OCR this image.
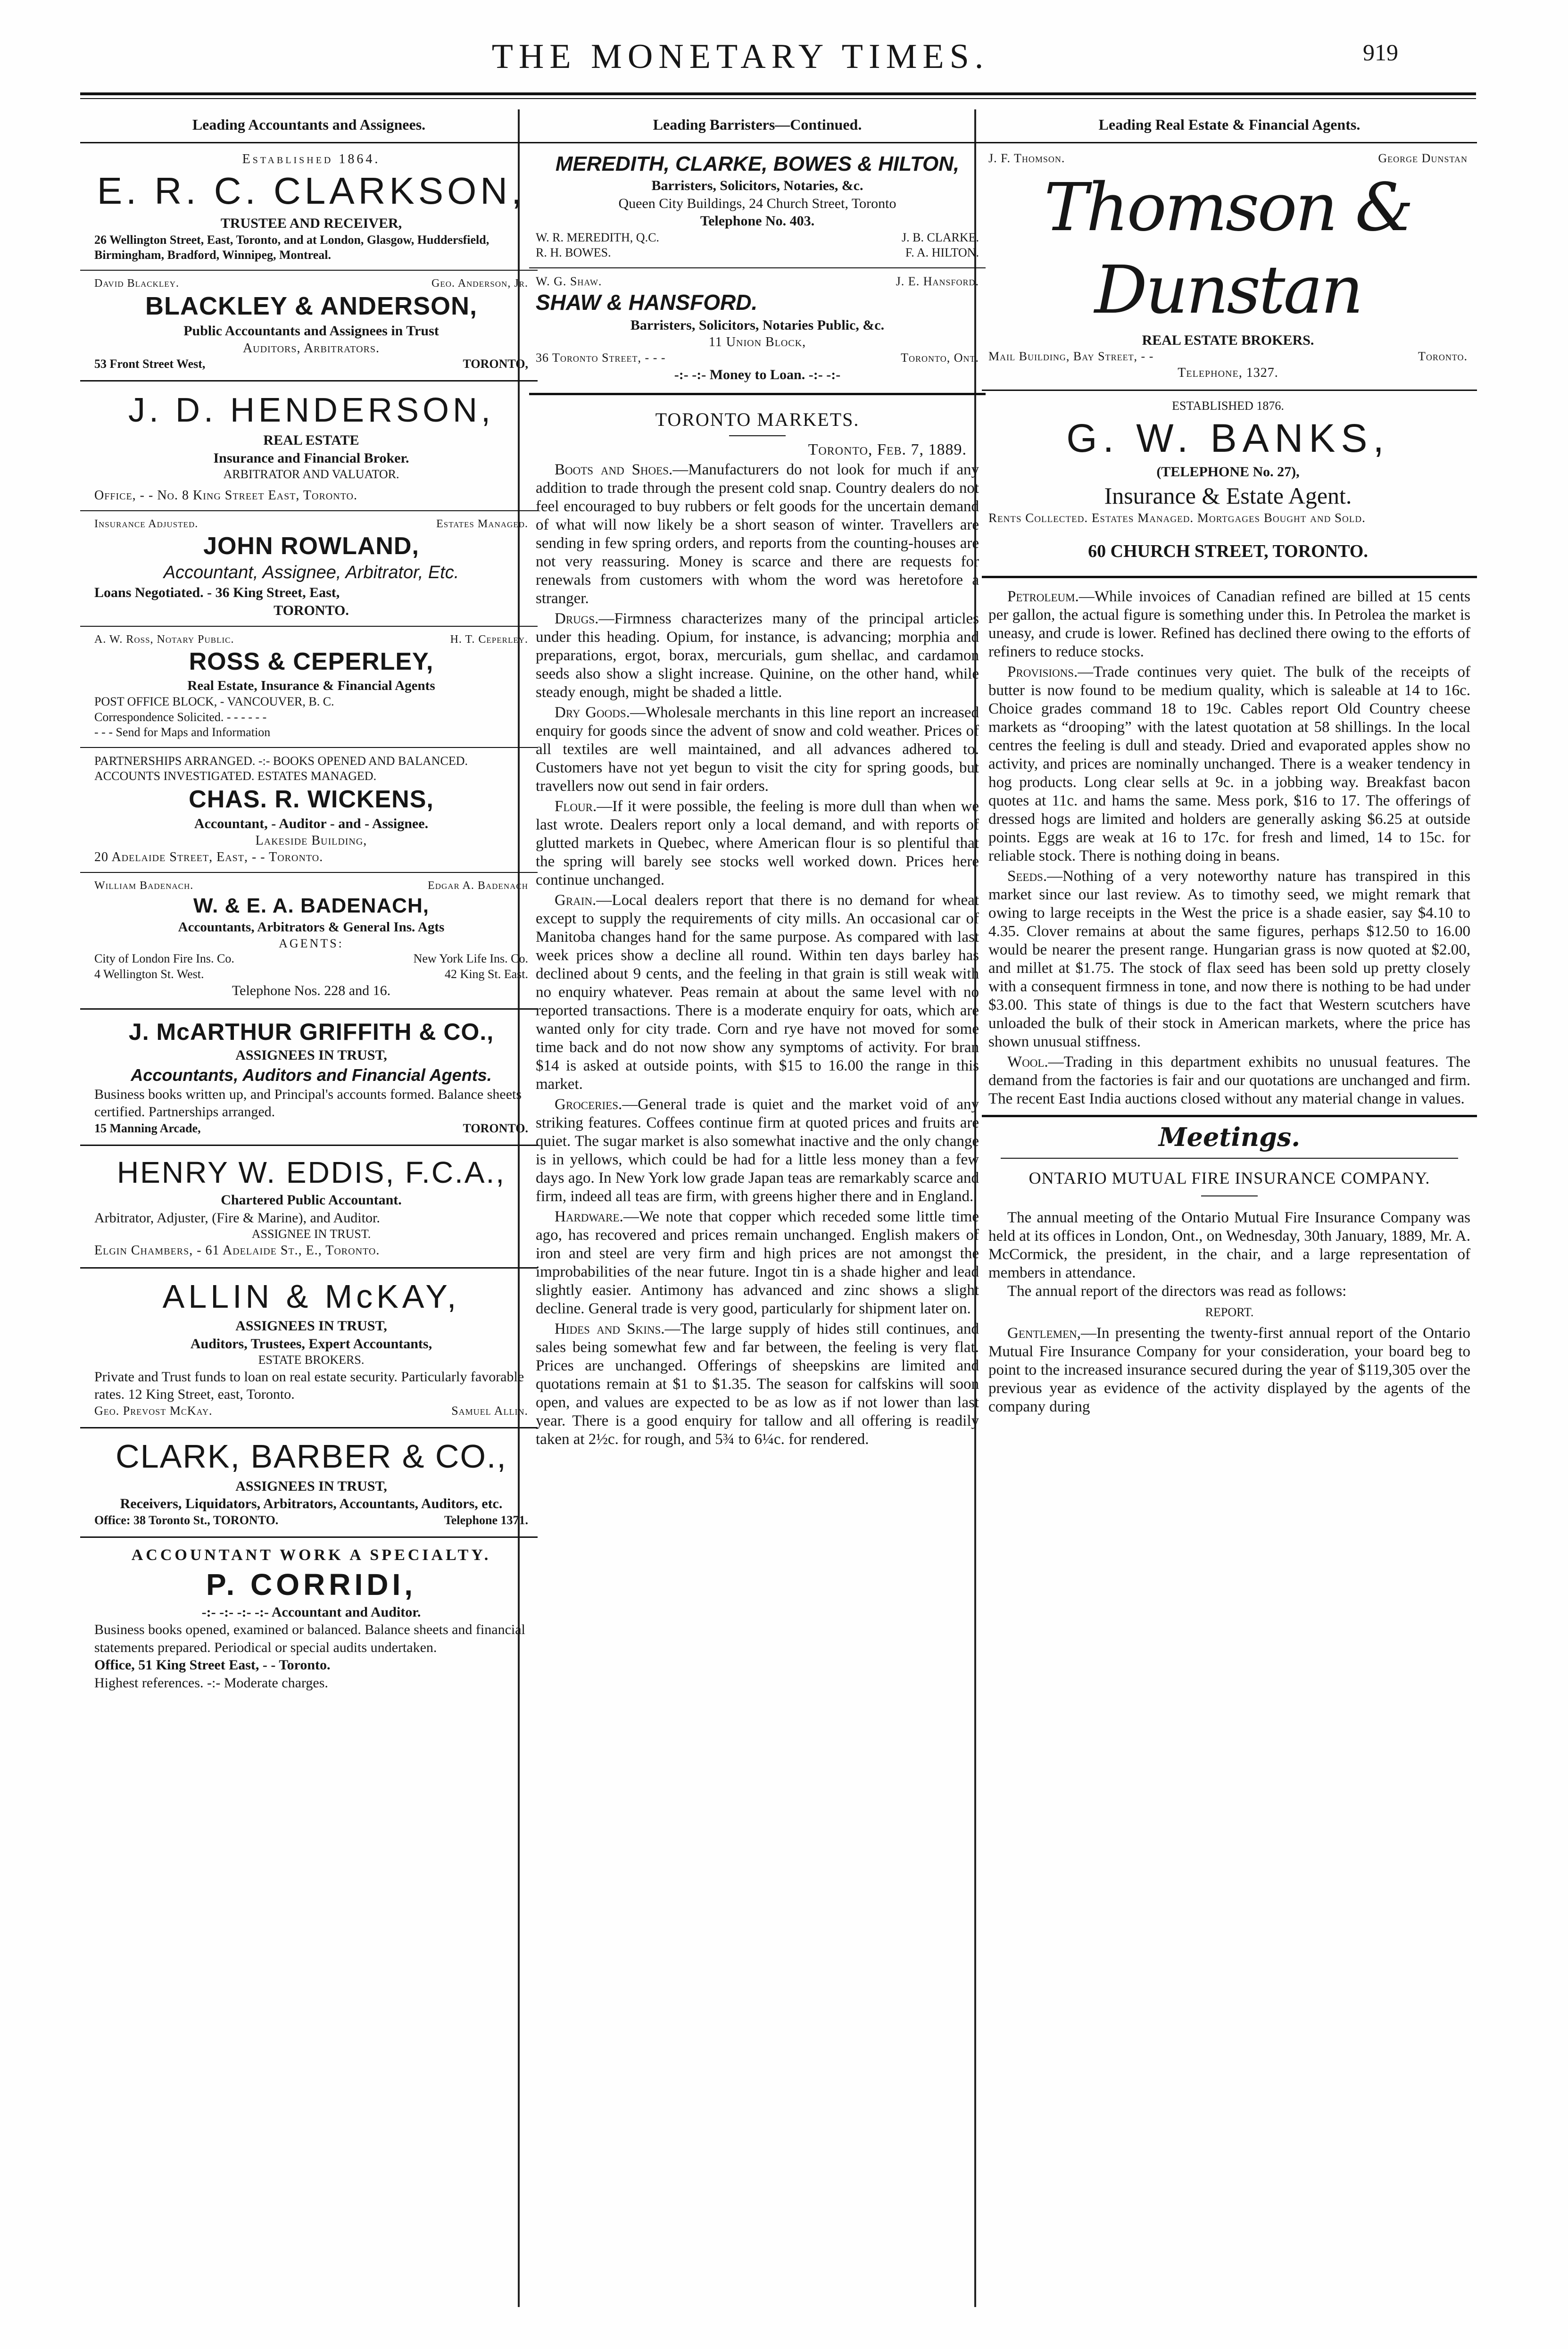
THE MONETARY TIMES.	919
Leading Accountants and Assignees.
Established 1864.
E. R. C. CLARKSON,
TRUSTEE AND RECEIVER,
26 Wellington Street, East, Toronto, and at London, Glasgow, Huddersfield, Birmingham, Bradford, Winnipeg, Montreal.
David Blackley.	Geo. Anderson, Jr.
BLACKLEY & ANDERSON,
Public Accountants and Assignees in Trust
Auditors, Arbitrators.
53 Front Street West,	TORONTO,
J. D. HENDERSON,
REAL ESTATE
Insurance and Financial Broker.
ARBITRATOR AND VALUATOR.
Office, - - No. 8 King Street East, Toronto.
Insurance Adjusted.	Estates Managed.
JOHN ROWLAND,
Accountant, Assignee, Arbitrator, Etc.
Loans Negotiated. - 36 King Street, East,
TORONTO.
A. W. Ross, Notary Public.	H. T. Ceperley.
ROSS & CEPERLEY,
Real Estate, Insurance & Financial Agents
POST OFFICE BLOCK, - VANCOUVER, B. C.
Correspondence Solicited. - - - - - -
- - - Send for Maps and Information
PARTNERSHIPS ARRANGED. -:- BOOKS OPENED AND BALANCED. ACCOUNTS INVESTIGATED. ESTATES MANAGED.
CHAS. R. WICKENS,
Accountant, - Auditor - and - Assignee.
Lakeside Building,
20 Adelaide Street, East, - - Toronto.
William Badenach.	Edgar A. Badenach
W. & E. A. BADENACH,
Accountants, Arbitrators & General Ins. Agts
AGENTS:
City of London Fire Ins. Co.	New York Life Ins. Co.
4 Wellington St. West.	42 King St. East.
Telephone Nos. 228 and 16.
J. McARTHUR GRIFFITH & CO.,
ASSIGNEES IN TRUST,
Accountants, Auditors and Financial Agents.
Business books written up, and Principal's accounts formed. Balance sheets certified. Partnerships arranged.
15 Manning Arcade,	TORONTO.
HENRY W. EDDIS, F.C.A.,
Chartered Public Accountant.
Arbitrator, Adjuster, (Fire & Marine), and Auditor.
ASSIGNEE IN TRUST.
Elgin Chambers, - 61 Adelaide St., E., Toronto.
ALLIN & McKAY,
ASSIGNEES IN TRUST,
Auditors, Trustees, Expert Accountants,
ESTATE BROKERS.
Private and Trust funds to loan on real estate security. Particularly favorable rates. 12 King Street, east, Toronto.
Geo. Prevost McKay.	Samuel Allin.
CLARK, BARBER & CO.,
ASSIGNEES IN TRUST,
Receivers, Liquidators, Arbitrators, Accountants, Auditors, etc.
Office: 38 Toronto St., TORONTO.	Telephone 1371.
ACCOUNTANT WORK A SPECIALTY.
P. CORRIDI,
-:- -:- -:- -:- Accountant and Auditor.
Business books opened, examined or balanced. Balance sheets and financial statements prepared. Periodical or special audits undertaken.
Office, 51 King Street East, - - Toronto.
Highest references. -:- Moderate charges.
Leading Barristers—Continued.
MEREDITH, CLARKE, BOWES & HILTON,
Barristers, Solicitors, Notaries, &c.
Queen City Buildings, 24 Church Street, Toronto
Telephone No. 403.
W. R. MEREDITH, Q.C.	J. B. CLARKE.
R. H. BOWES.	F. A. HILTON.
W. G. Shaw.	J. E. Hansford.
SHAW & HANSFORD.
Barristers, Solicitors, Notaries Public, &c.
11 Union Block,
36 Toronto Street, - - -	Toronto, Ont.
-:- -:- Money to Loan. -:- -:-
TORONTO MARKETS.
Toronto, Feb. 7, 1889.
Boots and Shoes.—Manufacturers do not look for much if any addition to trade through the present cold snap. Country dealers do not feel encouraged to buy rubbers or felt goods for the uncertain demand of what will now likely be a short season of winter. Travellers are sending in few spring orders, and reports from the counting-houses are not very reassuring. Money is scarce and there are requests for renewals from customers with whom the word was heretofore a stranger.
Drugs.—Firmness characterizes many of the principal articles under this heading. Opium, for instance, is advancing; morphia and preparations, ergot, borax, mercurials, gum shellac, and cardamon seeds also show a slight increase. Quinine, on the other hand, while steady enough, might be shaded a little.
Dry Goods.—Wholesale merchants in this line report an increased enquiry for goods since the advent of snow and cold weather. Prices of all textiles are well maintained, and all advances adhered to. Customers have not yet begun to visit the city for spring goods, but travellers now out send in fair orders.
Flour.—If it were possible, the feeling is more dull than when we last wrote. Dealers report only a local demand, and with reports of glutted markets in Quebec, where American flour is so plentiful that the spring will barely see stocks well worked down. Prices here continue unchanged.
Grain.—Local dealers report that there is no demand for wheat except to supply the requirements of city mills. An occasional car of Manitoba changes hand for the same purpose. As compared with last week prices show a decline all round. Within ten days barley has declined about 9 cents, and the feeling in that grain is still weak with no enquiry whatever. Peas remain at about the same level with no reported transactions. There is a moderate enquiry for oats, which are wanted only for city trade. Corn and rye have not moved for some time back and do not now show any symptoms of activity. For bran $14 is asked at outside points, with $15 to 16.00 the range in this market.
Groceries.—General trade is quiet and the market void of any striking features. Coffees continue firm at quoted prices and fruits are quiet. The sugar market is also somewhat inactive and the only change is in yellows, which could be had for a little less money than a few days ago. In New York low grade Japan teas are remarkably scarce and firm, indeed all teas are firm, with greens higher there and in England.
Hardware.—We note that copper which receded some little time ago, has recovered and prices remain unchanged. English makers of iron and steel are very firm and high prices are not amongst the improbabilities of the near future. Ingot tin is a shade higher and lead slightly easier. Antimony has advanced and zinc shows a slight decline. General trade is very good, particularly for shipment later on.
Hides and Skins.—The large supply of hides still continues, and sales being somewhat few and far between, the feeling is very flat. Prices are unchanged. Offerings of sheepskins are limited and quotations remain at $1 to $1.35. The season for calfskins will soon open, and values are expected to be as low as if not lower than last year. There is a good enquiry for tallow and all offering is readily taken at 2½c. for rough, and 5¾ to 6¼c. for rendered.
Leading Real Estate & Financial Agents.
J. F. Thomson.	George Dunstan
Thomson & Dunstan
REAL ESTATE BROKERS.
Mail Building, Bay Street, - -	Toronto.
Telephone, 1327.
ESTABLISHED 1876.
G. W. BANKS,
(TELEPHONE No. 27),
Insurance & Estate Agent.
Rents Collected. Estates Managed. Mortgages Bought and Sold.
60 CHURCH STREET, TORONTO.
Petroleum.—While invoices of Canadian refined are billed at 15 cents per gallon, the actual figure is something under this. In Petrolea the market is uneasy, and crude is lower. Refined has declined there owing to the efforts of refiners to reduce stocks.
Provisions.—Trade continues very quiet. The bulk of the receipts of butter is now found to be medium quality, which is saleable at 14 to 16c. Choice grades command 18 to 19c. Cables report Old Country cheese markets as “drooping” with the latest quotation at 58 shillings. In the local centres the feeling is dull and steady. Dried and evaporated apples show no activity, and prices are nominally unchanged. There is a weaker tendency in hog products. Long clear sells at 9c. in a jobbing way. Breakfast bacon quotes at 11c. and hams the same. Mess pork, $16 to 17. The offerings of dressed hogs are limited and holders are generally asking $6.25 at outside points. Eggs are weak at 16 to 17c. for fresh and limed, 14 to 15c. for reliable stock. There is nothing doing in beans.
Seeds.—Nothing of a very noteworthy nature has transpired in this market since our last review. As to timothy seed, we might remark that owing to large receipts in the West the price is a shade easier, say $4.10 to 4.35. Clover remains at about the same figures, perhaps $12.50 to 16.00 would be nearer the present range. Hungarian grass is now quoted at $2.00, and millet at $1.75. The stock of flax seed has been sold up pretty closely with a consequent firmness in tone, and now there is nothing to be had under $3.00. This state of things is due to the fact that Western scutchers have unloaded the bulk of their stock in American markets, where the price has shown unusual stiffness.
Wool.—Trading in this department exhibits no unusual features. The demand from the factories is fair and our quotations are unchanged and firm. The recent East India auctions closed without any material change in values.
Meetings.
ONTARIO MUTUAL FIRE INSURANCE COMPANY.
The annual meeting of the Ontario Mutual Fire Insurance Company was held at its offices in London, Ont., on Wednesday, 30th January, 1889, Mr. A. McCormick, the president, in the chair, and a large representation of members in attendance.
The annual report of the directors was read as follows:
REPORT.
Gentlemen,—In presenting the twenty-first annual report of the Ontario Mutual Fire Insurance Company for your consideration, your board beg to point to the increased insurance secured during the year of $119,305 over the previous year as evidence of the activity displayed by the agents of the company during
